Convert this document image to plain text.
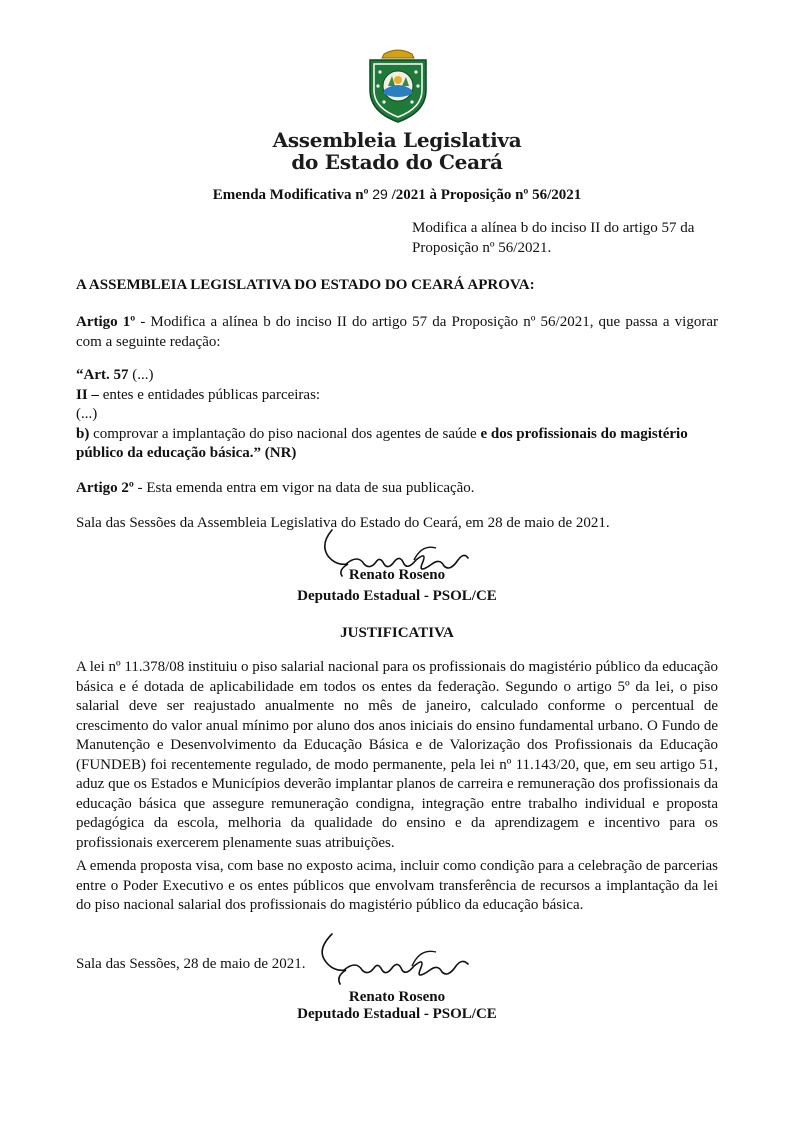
Assembleia Legislativa
do Estado do Ceará

Emenda Modificativa nº 29 /2021 à Proposição nº 56/2021

Modifica a alínea b do inciso II do artigo 57 da Proposição nº 56/2021.

A ASSEMBLEIA LEGISLATIVA DO ESTADO DO CEARÁ APROVA:

Artigo 1º - Modifica a alínea b do inciso II do artigo 57 da Proposição nº 56/2021, que passa a vigorar com a seguinte redação:

“Art. 57 (...)
II – entes e entidades públicas parceiras:
(...)
b) comprovar a implantação do piso nacional dos agentes de saúde e dos profissionais do magistério público da educação básica.” (NR)

Artigo 2º - Esta emenda entra em vigor na data de sua publicação.

Sala das Sessões da Assembleia Legislativa do Estado do Ceará, em 28 de maio de 2021.

Renato Roseno

Deputado Estadual - PSOL/CE

JUSTIFICATIVA

A lei nº 11.378/08 instituiu o piso salarial nacional para os profissionais do magistério público da educação básica e é dotada de aplicabilidade em todos os entes da federação. Segundo o artigo 5º da lei, o piso salarial deve ser reajustado anualmente no mês de janeiro, calculado conforme o percentual de crescimento do valor anual mínimo por aluno dos anos iniciais do ensino fundamental urbano. O Fundo de Manutenção e Desenvolvimento da Educação Básica e de Valorização dos Profissionais da Educação (FUNDEB) foi recentemente regulado, de modo permanente, pela lei nº 11.143/20, que, em seu artigo 51, aduz que os Estados e Municípios deverão implantar planos de carreira e remuneração dos profissionais da educação básica que assegure remuneração condigna, integração entre trabalho individual e proposta pedagógica da escola, melhoria da qualidade do ensino e da aprendizagem e incentivo para os profissionais exercerem plenamente suas atribuições.

A emenda proposta visa, com base no exposto acima, incluir como condição para a celebração de parcerias entre o Poder Executivo e os entes públicos que envolvam transferência de recursos a implantação da lei do piso nacional salarial dos profissionais do magistério público da educação básica.

Sala das Sessões, 28 de maio de 2021.

Renato Roseno

Deputado Estadual - PSOL/CE
